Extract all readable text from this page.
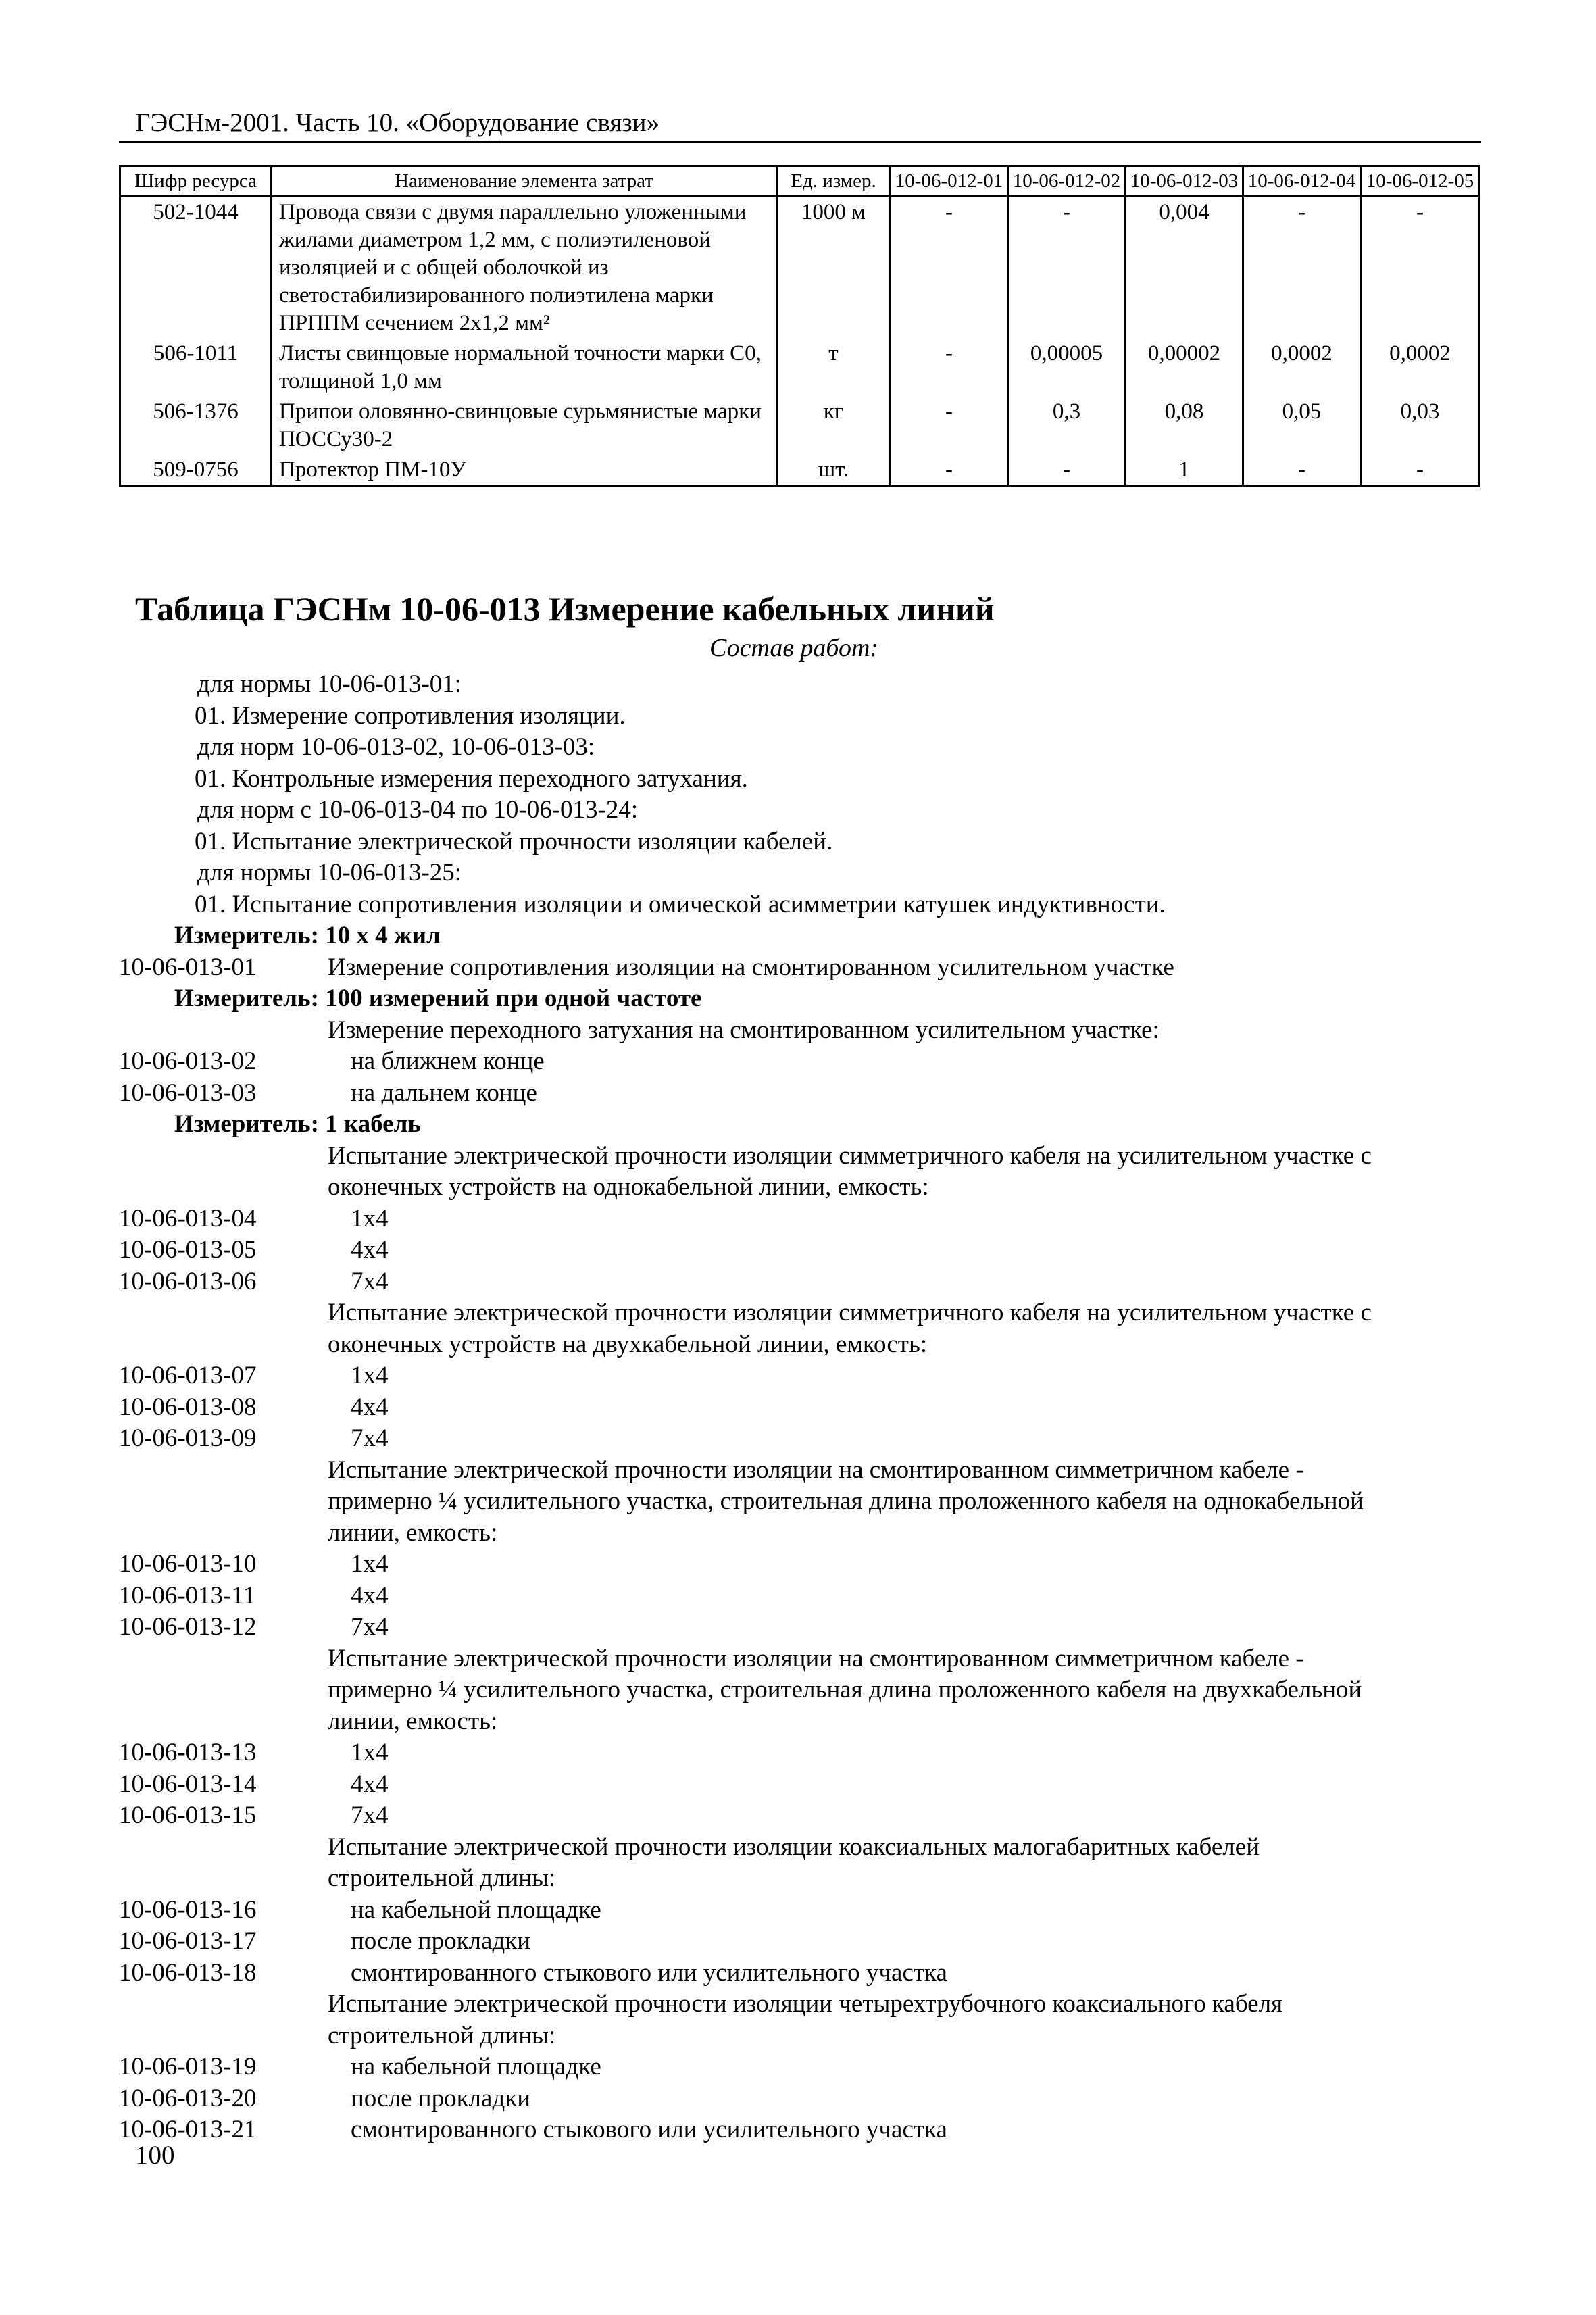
ГЭСНм-2001. Часть 10. «Оборудование связи»
Шифр ресурса	Наименование элемента затрат	Ед. измер.	10-06-012-01	10-06-012-02	10-06-012-03	10-06-012-04	10-06-012-05
502-1044	Провода связи с двумя параллельно уложенными жилами диаметром 1,2 мм, с полиэтиленовой изоляцией и с общей оболочкой из светостабилизированного полиэтилена марки ПРППМ сечением 2х1,2 мм²	1000 м	-	-	0,004	-	-
506-1011	Листы свинцовые нормальной точности марки С0, толщиной 1,0 мм	т	-	0,00005	0,00002	0,0002	0,0002
506-1376	Припои оловянно-свинцовые сурьмянистые марки ПОССу30-2	кг	-	0,3	0,08	0,05	0,03
509-0756	Протектор ПМ-10У	шт.	-	-	1	-	-
Таблица ГЭСНм 10-06-013 Измерение кабельных линий
Состав работ:
для нормы 10-06-013-01:
01. Измерение сопротивления изоляции.
для норм 10-06-013-02, 10-06-013-03:
01. Контрольные измерения переходного затухания.
для норм с 10-06-013-04 по 10-06-013-24:
01. Испытание электрической прочности изоляции кабелей.
для нормы 10-06-013-25:
01. Испытание сопротивления изоляции и омической асимметрии катушек индуктивности.
Измеритель: 10 х 4 жил
10-06-013-01	Измерение сопротивления изоляции на смонтированном усилительном участке
Измеритель: 100 измерений при одной частоте
Измерение переходного затухания на смонтированном усилительном участке:
10-06-013-02	на ближнем конце
10-06-013-03	на дальнем конце
Измеритель: 1 кабель
Испытание электрической прочности изоляции симметричного кабеля на усилительном участке с оконечных устройств на однокабельной линии, емкость:
10-06-013-04	1х4
10-06-013-05	4х4
10-06-013-06	7х4
Испытание электрической прочности изоляции симметричного кабеля на усилительном участке с оконечных устройств на двухкабельной линии, емкость:
10-06-013-07	1х4
10-06-013-08	4х4
10-06-013-09	7х4
Испытание электрической прочности изоляции на смонтированном симметричном кабеле - примерно ¼ усилительного участка, строительная длина проложенного кабеля на однокабельной линии, емкость:
10-06-013-10	1х4
10-06-013-11	4х4
10-06-013-12	7х4
Испытание электрической прочности изоляции на смонтированном симметричном кабеле - примерно ¼ усилительного участка, строительная длина проложенного кабеля на двухкабельной линии, емкость:
10-06-013-13	1х4
10-06-013-14	4х4
10-06-013-15	7х4
Испытание электрической прочности изоляции коаксиальных малогабаритных кабелей строительной длины:
10-06-013-16	на кабельной площадке
10-06-013-17	после прокладки
10-06-013-18	смонтированного стыкового или усилительного участка
Испытание электрической прочности изоляции четырехтрубочного коаксиального кабеля строительной длины:
10-06-013-19	на кабельной площадке
10-06-013-20	после прокладки
10-06-013-21	смонтированного стыкового или усилительного участка
100
